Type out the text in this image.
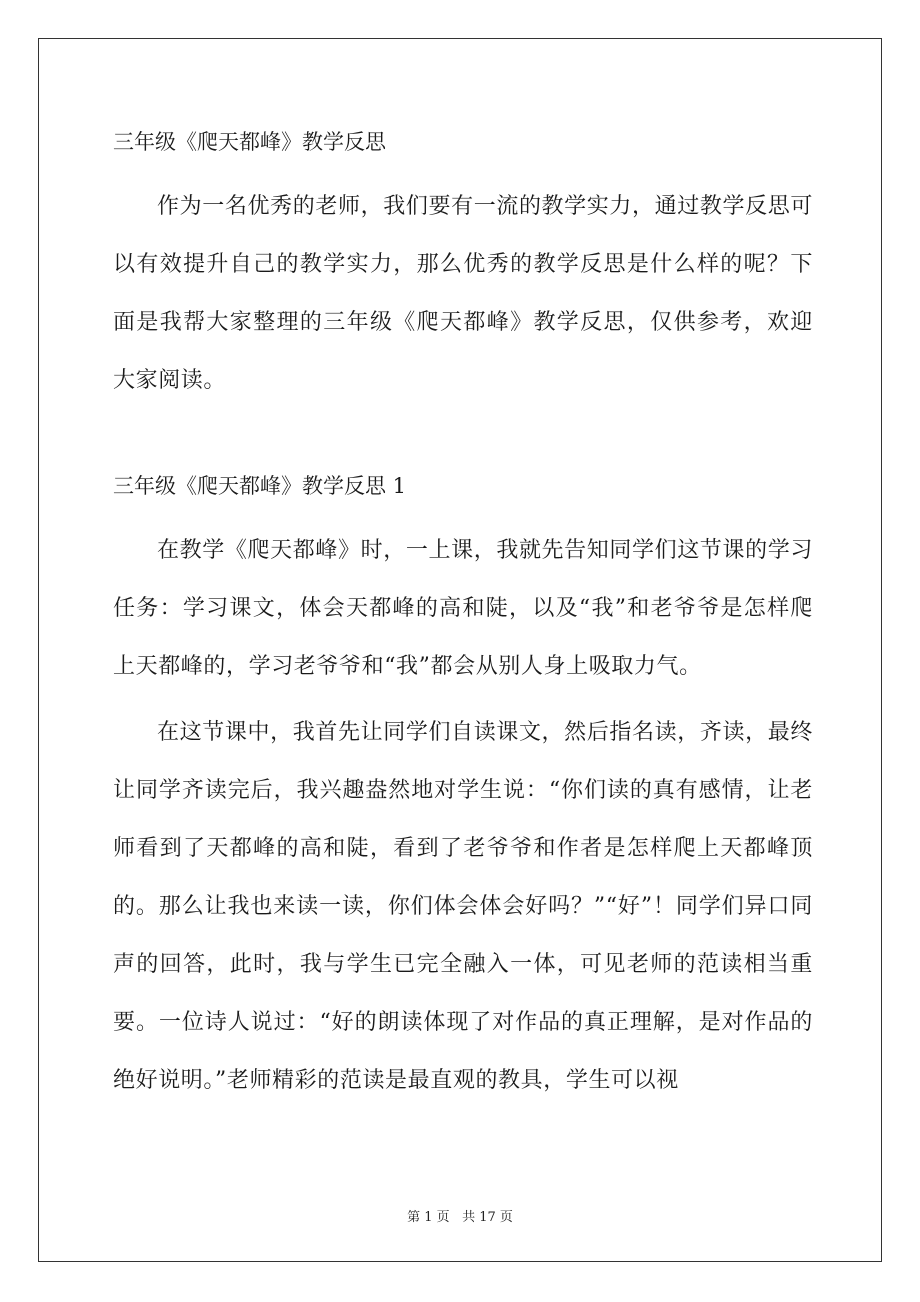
三年级《爬天都峰》教学反思

作为一名优秀的老师，我们要有一流的教学实力，通过教学反思可以有效提升自己的教学实力，那么优秀的教学反思是什么样的呢？下面是我帮大家整理的三年级《爬天都峰》教学反思，仅供参考，欢迎大家阅读。

三年级《爬天都峰》教学反思 1

在教学《爬天都峰》时，一上课，我就先告知同学们这节课的学习任务：学习课文，体会天都峰的高和陡，以及“我”和老爷爷是怎样爬上天都峰的，学习老爷爷和“我”都会从别人身上吸取力气。

在这节课中，我首先让同学们自读课文，然后指名读，齐读，最终让同学齐读完后，我兴趣盎然地对学生说：“你们读的真有感情，让老师看到了天都峰的高和陡，看到了老爷爷和作者是怎样爬上天都峰顶的。那么让我也来读一读，你们体会体会好吗？”“好”！同学们异口同声的回答，此时，我与学生已完全融入一体，可见老师的范读相当重要。一位诗人说过：“好的朗读体现了对作品的真正理解，是对作品的绝好说明。”老师精彩的范读是最直观的教具，学生可以视

第 1 页 共 17 页
